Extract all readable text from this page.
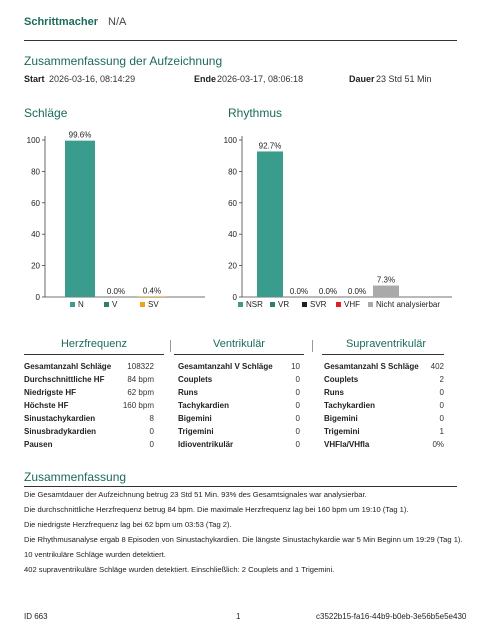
Schrittmacher N/A
Zusammenfassung der Aufzeichnung
Start 2026-03-16, 08:14:29	Ende 2026-03-17, 08:06:18	Dauer 23 Std 51 Min
Schläge	Rhythmus
0
20
40
60
80
100
99.6%
0.0% 0.4%
N	V	SV
0
20
40
60
80
100
92.7%
0.0% 0.0% 0.0%
7.3%
NSR VR	SVR VHF Nicht analysierbar
Herzfrequenz	Ventrikulär	Supraventrikulär
Gesamtanzahl Schläge 108322
Durchschnittliche HF	84 bpm
Niedrigste HF	62 bpm
Höchste HF	160 bpm
Sinustachykardien	8
Sinusbradykardien	0
Pausen	0
Gesamtanzahl V Schläge 10
Couplets	0
Runs	0
Tachykardien	0
Bigemini	0
Trigemini	0
Idioventrikulär	0
Gesamtanzahl S Schläge 402
Couplets	2
Runs	0
Tachykardien	0
Bigemini	0
Trigemini	1
VHFla/VHfla	0%
Zusammenfassung
Die Gesamtdauer der Aufzeichnung betrug 23 Std 51 Min. 93% des Gesamtsignales war analysierbar.
Die durchschnittliche Herzfrequenz betrug 84 bpm. Die maximale Herzfrequenz lag bei 160 bpm um 19:10 (Tag 1).
Die niedrigste Herzfrequenz lag bei 62 bpm um 03:53 (Tag 2).
Die Rhythmusanalyse ergab 8 Episoden von Sinustachykardien. Die längste Sinustachykardie war 5 Min Beginn um 19:29 (Tag 1).
10 ventrikuläre Schläge wurden detektiert.
402 supraventrikuläre Schläge wurden detektiert. Einschließlich: 2 Couplets and 1 Trigemini.
ID 663	1	c3522b15-fa16-44b9-b0eb-3e56b5e5e430
